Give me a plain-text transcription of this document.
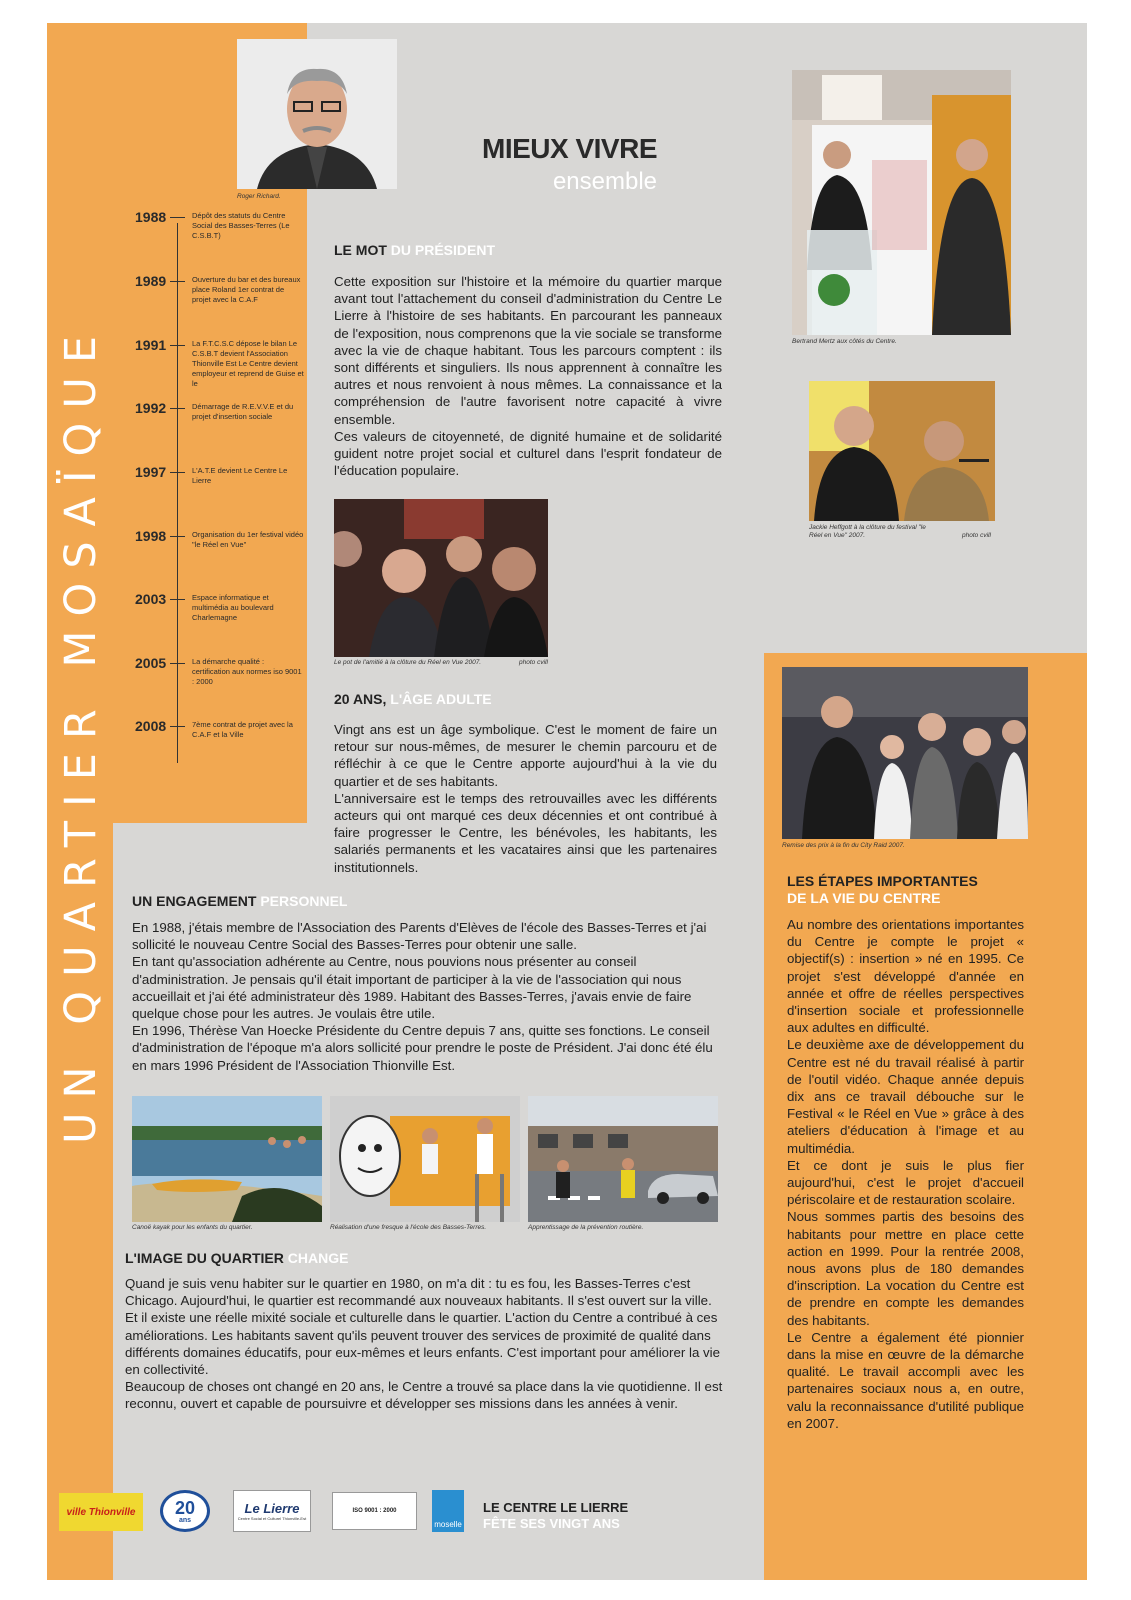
UN QUARTIER MOSAÏQUE
Roger Richard.
MIEUX VIVRE
ensemble
1988	Dépôt des statuts du Centre Social des Basses-Terres (Le C.S.B.T)
1989	Ouverture du bar et des bureaux place Roland 1er contrat de projet avec la C.A.F
1991	La F.T.C.S.C dépose le bilan Le C.S.B.T devient l'Association Thionville Est Le Centre devient employeur et reprend de Guise et le
1992	Démarrage de R.E.V.V.E et du projet d'insertion sociale
1997	L'A.T.E devient Le Centre Le Lierre
1998	Organisation du 1er festival vidéo "le Réel en Vue"
2003	Espace informatique et multimédia au boulevard Charlemagne
2005	La démarche qualité : certification aux normes iso 9001 : 2000
2008	7ème contrat de projet avec la C.A.F et la Ville
LE MOT DU PRÉSIDENT

Cette exposition sur l'histoire et la mémoire du quartier marque avant tout l'attachement du conseil d'administration du Centre Le Lierre à l'histoire de ses habitants. En parcourant les panneaux de l'exposition, nous comprenons que la vie sociale se transforme avec la vie de chaque habitant. Tous les parcours comptent : ils sont différents et singuliers. Ils nous apprennent à connaître les autres et nous renvoient à nous mêmes. La connaissance et la compréhension de l'autre favorisent notre capacité à vivre ensemble.

Ces valeurs de citoyenneté, de dignité humaine et de solidarité guident notre projet social et culturel dans l'esprit fondateur de l'éducation populaire.

Le pot de l'amitié à la clôture du Réel en Vue 2007.	photo cvill
20 ANS, L'ÂGE ADULTE

Vingt ans est un âge symbolique. C'est le moment de faire un retour sur nous-mêmes, de mesurer le chemin parcouru et de réfléchir à ce que le Centre apporte aujourd'hui à la vie du quartier et de ses habitants.

L'anniversaire est le temps des retrouvailles avec les différents acteurs qui ont marqué ces deux décennies et ont contribué à faire progresser le Centre, les bénévoles, les habitants, les salariés permanents et les vacataires ainsi que les partenaires institutionnels.

Bertrand Mertz aux côtés du Centre.
Jackie Heffgott à la clôture du festival "le Réel en Vue" 2007.	photo cvill
Remise des prix à la fin du City Raid 2007.
LES ÉTAPES IMPORTANTES
DE LA VIE DU CENTRE

Au nombre des orientations importantes du Centre je compte le projet « objectif(s) : insertion » né en 1995. Ce projet s'est développé d'année en année et offre de réelles perspectives d'insertion sociale et professionnelle aux adultes en difficulté.

Le deuxième axe de développement du Centre est né du travail réalisé à partir de l'outil vidéo. Chaque année depuis dix ans ce travail débouche sur le Festival « le Réel en Vue » grâce à des ateliers d'éducation à l'image et au multimédia.

Et ce dont je suis le plus fier aujourd'hui, c'est le projet d'accueil périscolaire et de restauration scolaire.

Nous sommes partis des besoins des habitants pour mettre en place cette action en 1999. Pour la rentrée 2008, nous avons plus de 180 demandes d'inscription. La vocation du Centre est de prendre en compte les demandes des habitants.

Le Centre a également été pionnier dans la mise en œuvre de la démarche qualité. Le travail accompli avec les partenaires sociaux nous a, en outre, valu la reconnaissance d'utilité publique en 2007.

UN ENGAGEMENT PERSONNEL

En 1988, j'étais membre de l'Association des Parents d'Elèves de l'école des Basses-Terres et j'ai sollicité le nouveau Centre Social des Basses-Terres pour obtenir une salle.

En tant qu'association adhérente au Centre, nous pouvions nous présenter au conseil d'administration. Je pensais qu'il était important de participer à la vie de l'association qui nous accueillait et j'ai été administrateur dès 1989. Habitant des Basses-Terres, j'avais envie de faire quelque chose pour les autres. Je voulais être utile.

En 1996, Thérèse Van Hoecke Présidente du Centre depuis 7 ans, quitte ses fonctions. Le conseil d'administration de l'époque m'a alors sollicité pour prendre le poste de Président. J'ai donc été élu en mars 1996 Président de l'Association Thionville Est.

Canoë kayak pour les enfants du quartier.	Réalisation d'une fresque à l'école des Basses-Terres.	Apprentissage de la prévention routière.
L'IMAGE DU QUARTIER CHANGE

Quand je suis venu habiter sur le quartier en 1980, on m'a dit : tu es fou, les Basses-Terres c'est Chicago. Aujourd'hui, le quartier est recommandé aux nouveaux habitants. Il s'est ouvert sur la ville.

Et il existe une réelle mixité sociale et culturelle dans le quartier. L'action du Centre a contribué à ces améliorations. Les habitants savent qu'ils peuvent trouver des services de proximité de qualité dans différents domaines éducatifs, pour eux-mêmes et leurs enfants. C'est important pour améliorer la vie en collectivité.

Beaucoup de choses ont changé en 20 ans, le Centre a trouvé sa place dans la vie quotidienne. Il est reconnu, ouvert et capable de poursuivre et développer ses missions dans les années à venir.

ville Thionville 20
ans
Le Lierre
Centre Social et Culturel Thionville-Est
ISO 9001 : 2000
moselle
LE CENTRE LE LIERRE
FÊTE SES VINGT ANS
